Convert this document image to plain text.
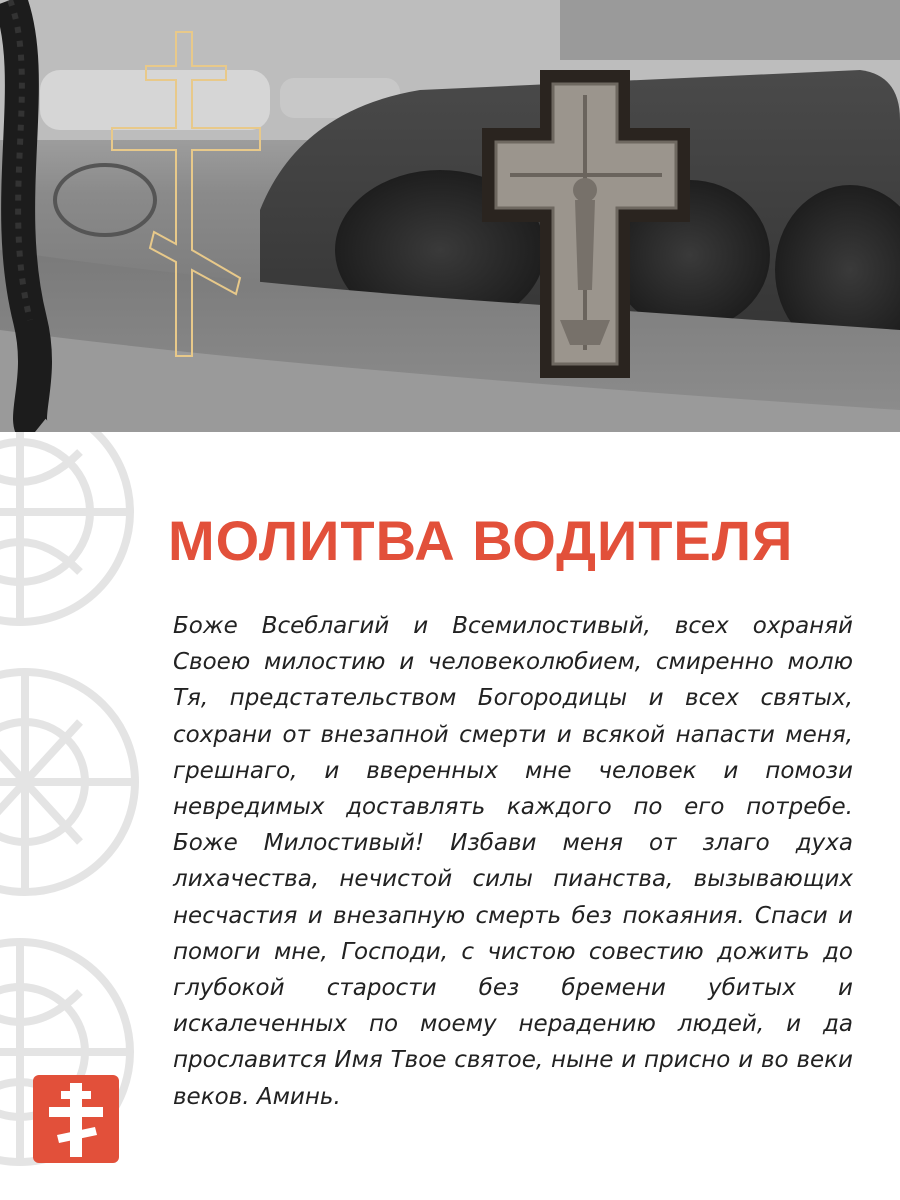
МОЛИТВА ВОДИТЕЛЯ

Боже Всеблагий и Всемилостивый, всех охраняй Своею милостию и человеколюбием, смиренно молю Тя, предстательством Богородицы и всех святых, сохрани от внезапной смерти и всякой напасти меня, грешнаго, и вверенных мне человек и помози невредимых доставлять каждого по его потребе. Боже Милостивый! Избави меня от злаго духа лихачества, нечистой силы пианства, вызывающих несчастия и внезапную смерть без покаяния. Спаси и помоги мне, Господи, с чистою совестию дожить до глубокой старости без бремени убитых и искалеченных по моему нерадению людей, и да прославится Имя Твое святое, ныне и присно и во веки веков. Аминь.
